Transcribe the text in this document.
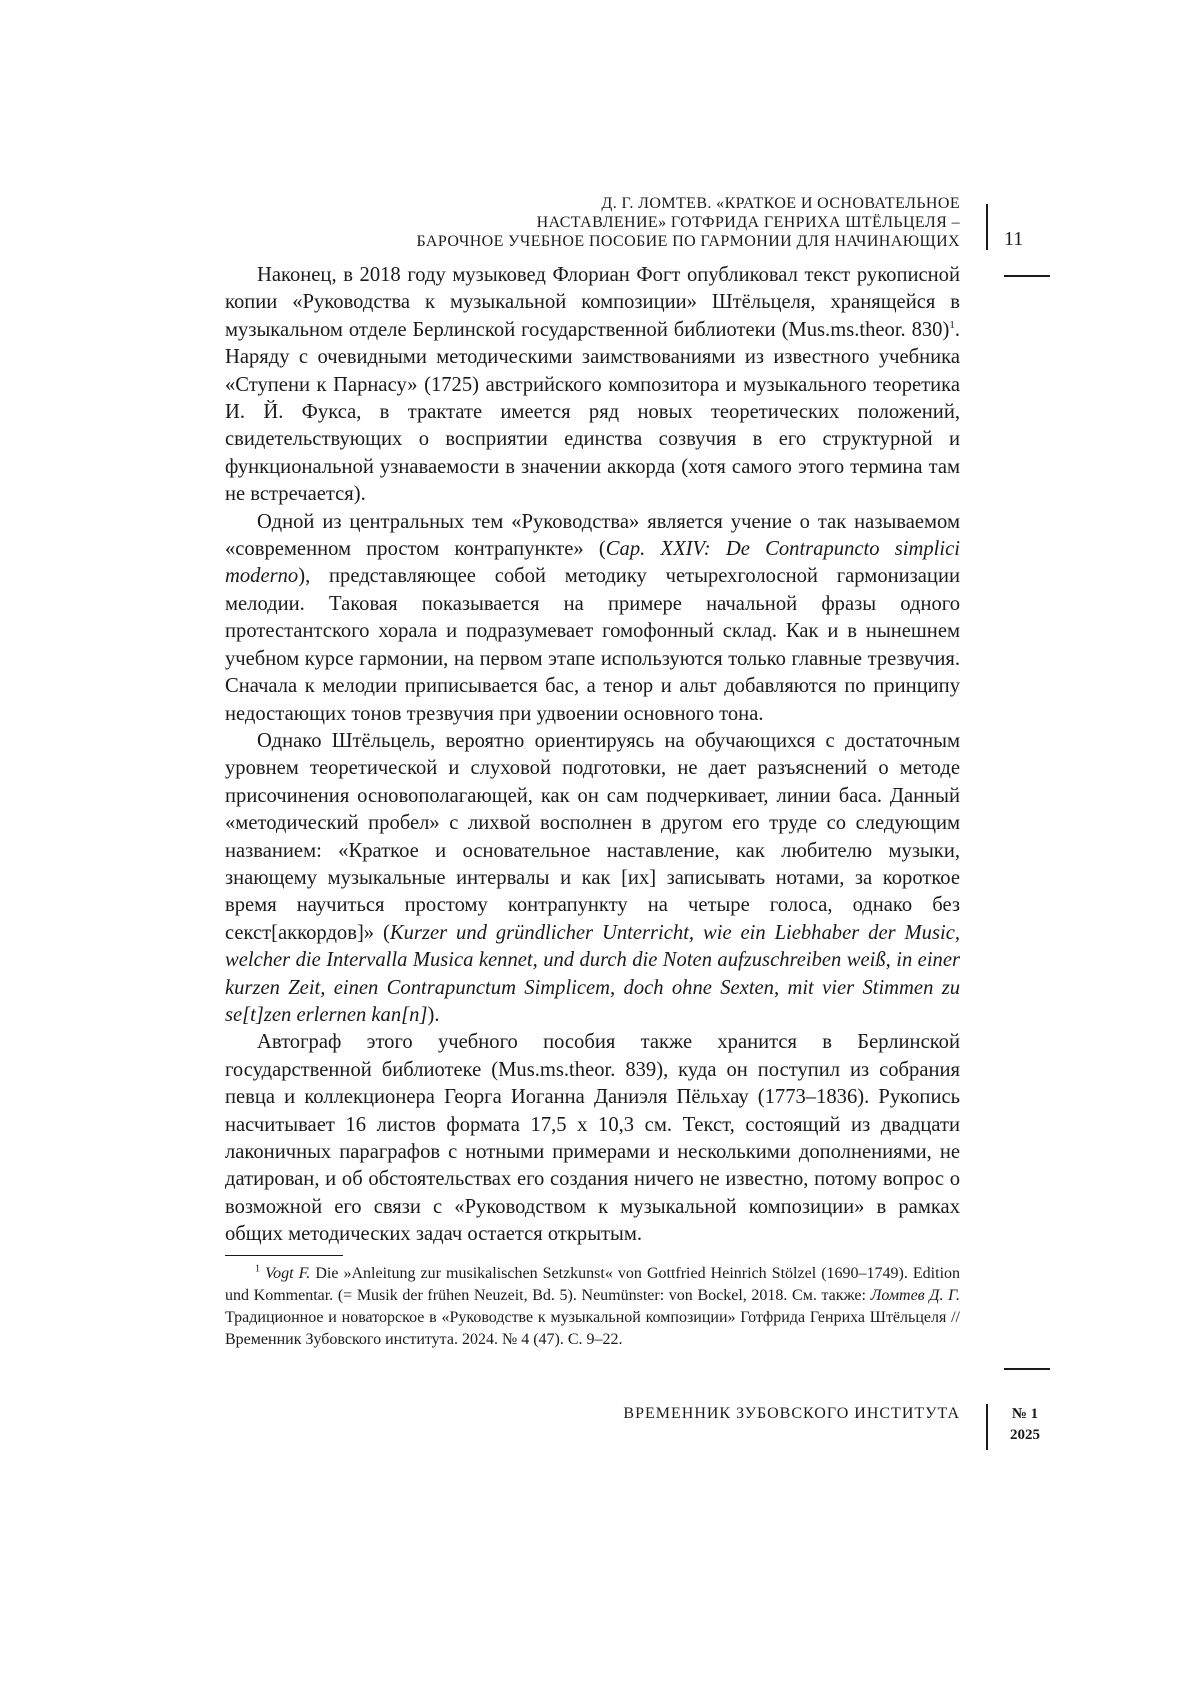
Д. Г. ЛОМТЕВ. «КРАТКОЕ И ОСНОВАТЕЛЬНОЕ
НАСТАВЛЕНИЕ» ГОТФРИДА ГЕНРИХА ШТЁЛЬЦЕЛЯ –
БАРОЧНОЕ УЧЕБНОЕ ПОСОБИЕ ПО ГАРМОНИИ ДЛЯ НАЧИНАЮЩИХ 11

Наконец, в 2018 году музыковед Флориан Фогт опубликовал текст рукописной копии «Руководства к музыкальной композиции» Штёльцеля, хранящейся в музыкальном отделе Берлинской государственной библиотеки (Mus.ms.theor. 830)$^1$. Наряду с очевидными методическими заимствованиями из известного учебника «Ступени к Парнасу» (1725) австрийского композитора и музыкального теоретика И. Й. Фукса, в трактате имеется ряд новых теоретических положений, свидетельствующих о восприятии единства созвучия в его структурной и функциональной узнаваемости в значении аккорда (хотя самого этого термина там не встречается).

Одной из центральных тем «Руководства» является учение о так называемом «современном простом контрапункте» (Cap. XXIV: De Contrapuncto simplici moderno), представляющее собой методику четырехголосной гармонизации мелодии. Таковая показывается на примере начальной фразы одного протестантского хорала и подразумевает гомофонный склад. Как и в нынешнем учебном курсе гармонии, на первом этапе используются только главные трезвучия. Сначала к мелодии приписывается бас, а тенор и альт добавляются по принципу недостающих тонов трезвучия при удвоении основного тона.

Однако Штёльцель, вероятно ориентируясь на обучающихся с достаточным уровнем теоретической и слуховой подготовки, не дает разъяснений о методе присочинения основополагающей, как он сам подчеркивает, линии баса. Данный «методический пробел» с лихвой восполнен в другом его труде со следующим названием: «Краткое и основательное наставление, как любителю музыки, знающему музыкальные интервалы и как [их] записывать нотами, за короткое время научиться простому контрапункту на четыре голоса, однако без секст[аккордов]» (Kurzer und gründlicher Unterricht, wie ein Liebhaber der Music, welcher die Intervalla Musica kennet, und durch die Noten aufzuschreiben weiß, in einer kurzen Zeit, einen Contrapunctum Simplicem, doch ohne Sexten, mit vier Stimmen zu se[t]zen erlernen kan[n]).

Автограф этого учебного пособия также хранится в Берлинской государственной библиотеке (Mus.ms.theor. 839), куда он поступил из собрания певца и коллекционера Георга Иоганна Даниэля Пёльхау (1773–1836). Рукопись насчитывает 16 листов формата 17,5 x 10,3 см. Текст, состоящий из двадцати лаконичных параграфов с нотными примерами и несколькими дополнениями, не датирован, и об обстоятельствах его создания ничего не известно, потому вопрос о возможной его связи с «Руководством к музыкальной композиции» в рамках общих методических задач остается открытым.

$^1$ Vogt F. Die »Anleitung zur musikalischen Setzkunst« von Gottfried Heinrich Stölzel (1690–1749). Edition und Kommentar. (= Musik der frühen Neuzeit, Bd. 5). Neumünster: von Bockel, 2018. См. также: Ломтев Д. Г. Традиционное и новаторское в «Руководстве к музыкальной композиции» Готфрида Генриха Штёльцеля // Временник Зубовского института. 2024. № 4 (47). С. 9–22.
ВРЕМЕННИК ЗУБОВСКОГО ИНСТИТУТА	№ 1
2025
